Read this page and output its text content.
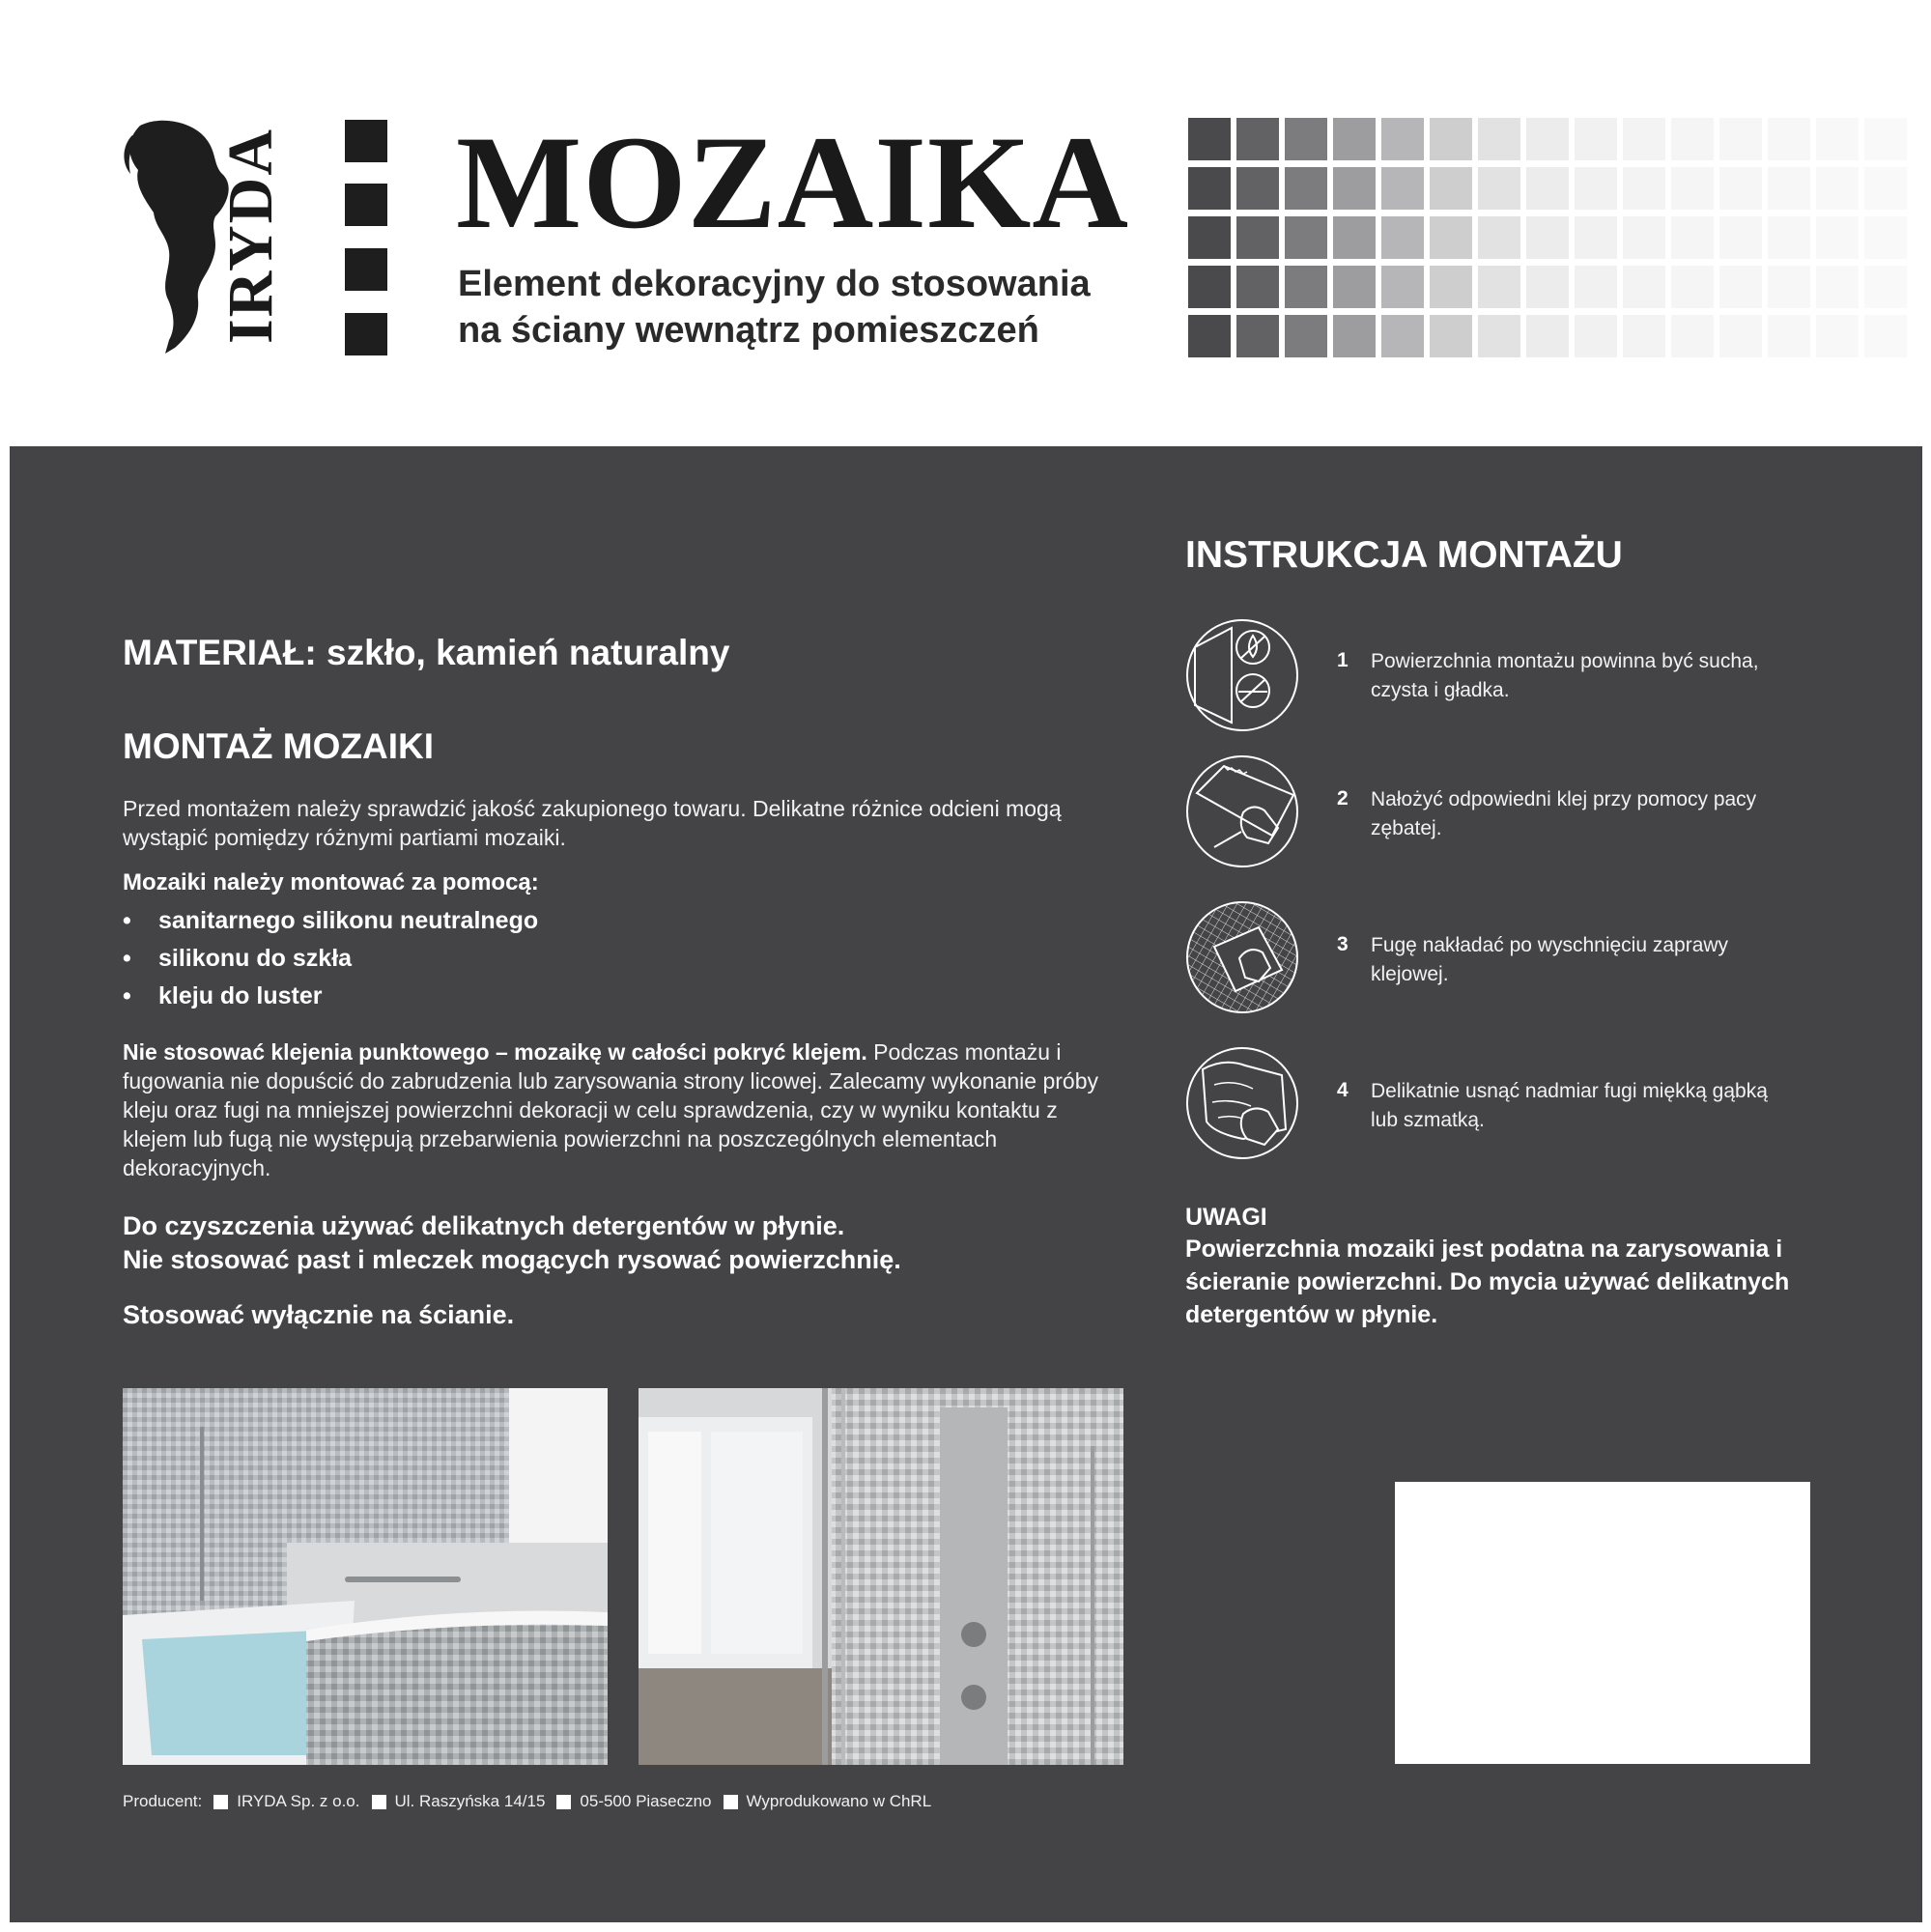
IRYDA MOZAIKA
Element dekoracyjny do stosowania
na ściany wewnątrz pomieszczeń
MATERIAŁ: szkło, kamień naturalny
MONTAŻ MOZAIKI
Przed montażem należy sprawdzić jakość zakupionego towaru. Delikatne różnice odcieni mogą wystąpić pomiędzy różnymi partiami mozaiki.
Mozaiki należy montować za pomocą:
• sanitarnego silikonu neutralnego
• silikonu do szkła
• kleju do luster
Nie stosować klejenia punktowego – mozaikę w całości pokryć klejem. Podczas montażu i fugowania nie dopuścić do zabrudzenia lub zarysowania strony licowej. Zalecamy wykonanie próby kleju oraz fugi na mniejszej powierzchni dekoracji w celu sprawdzenia, czy w wyniku kontaktu z klejem lub fugą nie występują przebarwienia powierzchni na poszczególnych elementach dekoracyjnych.
Do czyszczenia używać delikatnych detergentów w płynie.
Nie stosować past i mleczek mogących rysować powierzchnię.
Stosować wyłącznie na ścianie.
Producent: IRYDA Sp. z o.o. Ul. Raszyńska 14/15 05-500 Piaseczno Wyprodukowano w ChRL
INSTRUKCJA MONTAŻU
1 Powierzchnia montażu powinna być sucha, czysta i gładka.
2 Nałożyć odpowiedni klej przy pomocy pacy zębatej.
3 Fugę nakładać po wyschnięciu zaprawy klejowej.
4 Delikatnie usnąć nadmiar fugi miękką gąbką lub szmatką.
UWAGI
Powierzchnia mozaiki jest podatna na zarysowania i ścieranie powierzchni. Do mycia używać delikatnych detergentów w płynie.
